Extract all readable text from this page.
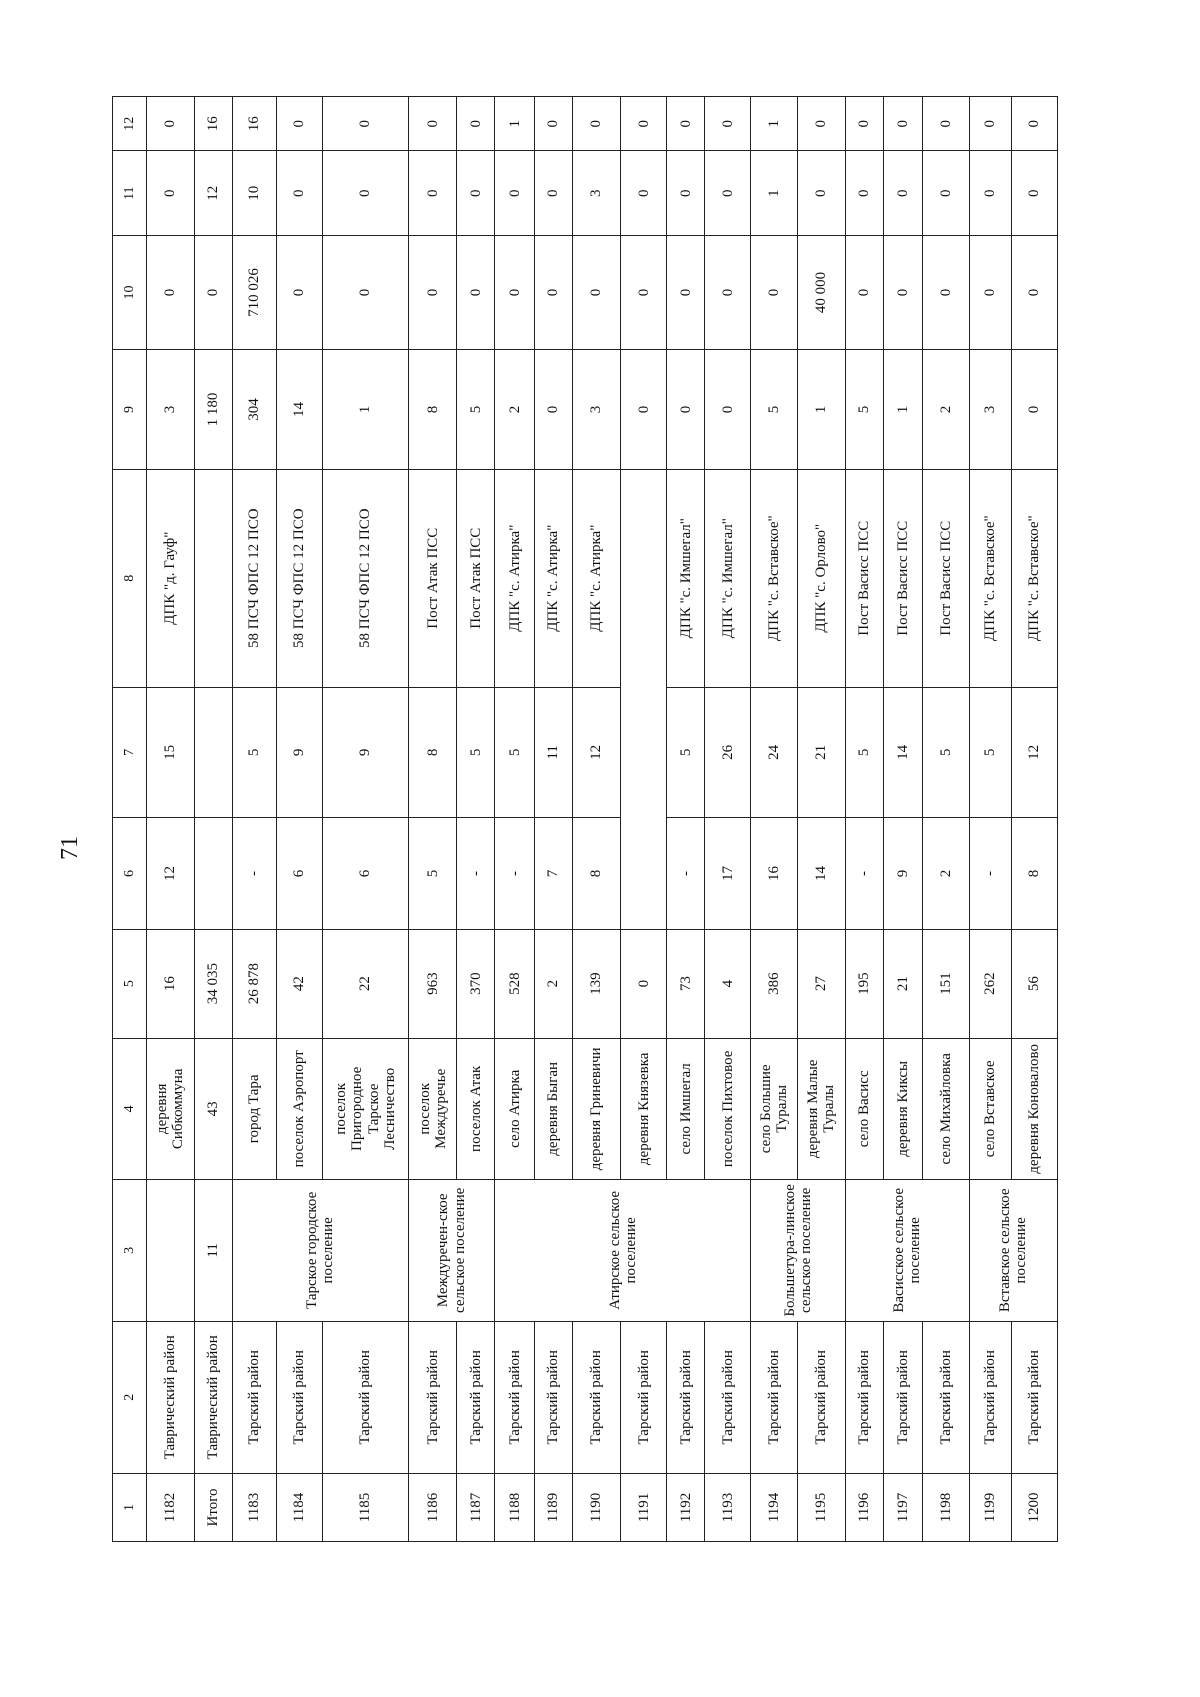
71
1	2	3	4	5	6	7	8	9	10	11	12
1182	Таврический район		деревня Сибкоммуна	16	12	15	ДПК "д. Гауф"	3	0	0	0
Итого	Таврический район	11	43	34 035				1 180	0	12	16
1183	Тарский район	Тарское городское поселение	город Тара	26 878	-	5	58 ПСЧ ФПС 12 ПСО	304	710 026	10	16
1184	Тарский район		поселок Аэропорт	42	6	9	58 ПСЧ ФПС 12 ПСО	14	0	0	0
1185	Тарский район		поселок Пригородное Тарское Лесничество	22	6	9	58 ПСЧ ФПС 12 ПСО	1	0	0	0
1186	Тарский район	Междуречен-ское сельское поселение	поселок Междуречье	963	5	8	Пост Атак ПСС	8	0	0	0
1187	Тарский район		поселок Атак	370	-	5	Пост Атак ПСС	5	0	0	0
1188	Тарский район	Атирское сельское поселение	село Атирка	528	-	5	ДПК "с. Атирка"	2	0	0	1
1189	Тарский район		деревня Быган	2	7	11	ДПК "с. Атирка"	0	0	0	0
1190	Тарский район		деревня Гриневичи	139	8	12	ДПК "с. Атирка"	3	0	3	0
1191	Тарский район		деревня Князевка	0				0	0	0	0
1192	Тарский район		село Имшегал	73	-	5	ДПК "с. Имшегал"	0	0	0	0
1193	Тарский район		поселок Пихтовое	4	17	26	ДПК "с. Имшегал"	0	0	0	0
1194	Тарский район	Большетура-линское сельское поселение	село Большие Туралы	386	16	24	ДПК "с. Вставское"	5	0	1	1
1195	Тарский район		деревня Малые Туралы	27	14	21	ДПК "с. Орлово"	1	40 000	0	0
1196	Тарский район	Васисское сельское поселение	село Васисс	195	-	5	Пост Васисс ПСС	5	0	0	0
1197	Тарский район		деревня Киксы	21	9	14	Пост Васисс ПСС	1	0	0	0
1198	Тарский район		село Михайловка	151	2	5	Пост Васисс ПСС	2	0	0	0
1199	Тарский район	Вставское сельское поселение	село Вставское	262	-	5	ДПК "с. Вставское"	3	0	0	0
1200	Тарский район		деревня Коноваловo	56	8	12	ДПК "с. Вставское"	0	0	0	0
